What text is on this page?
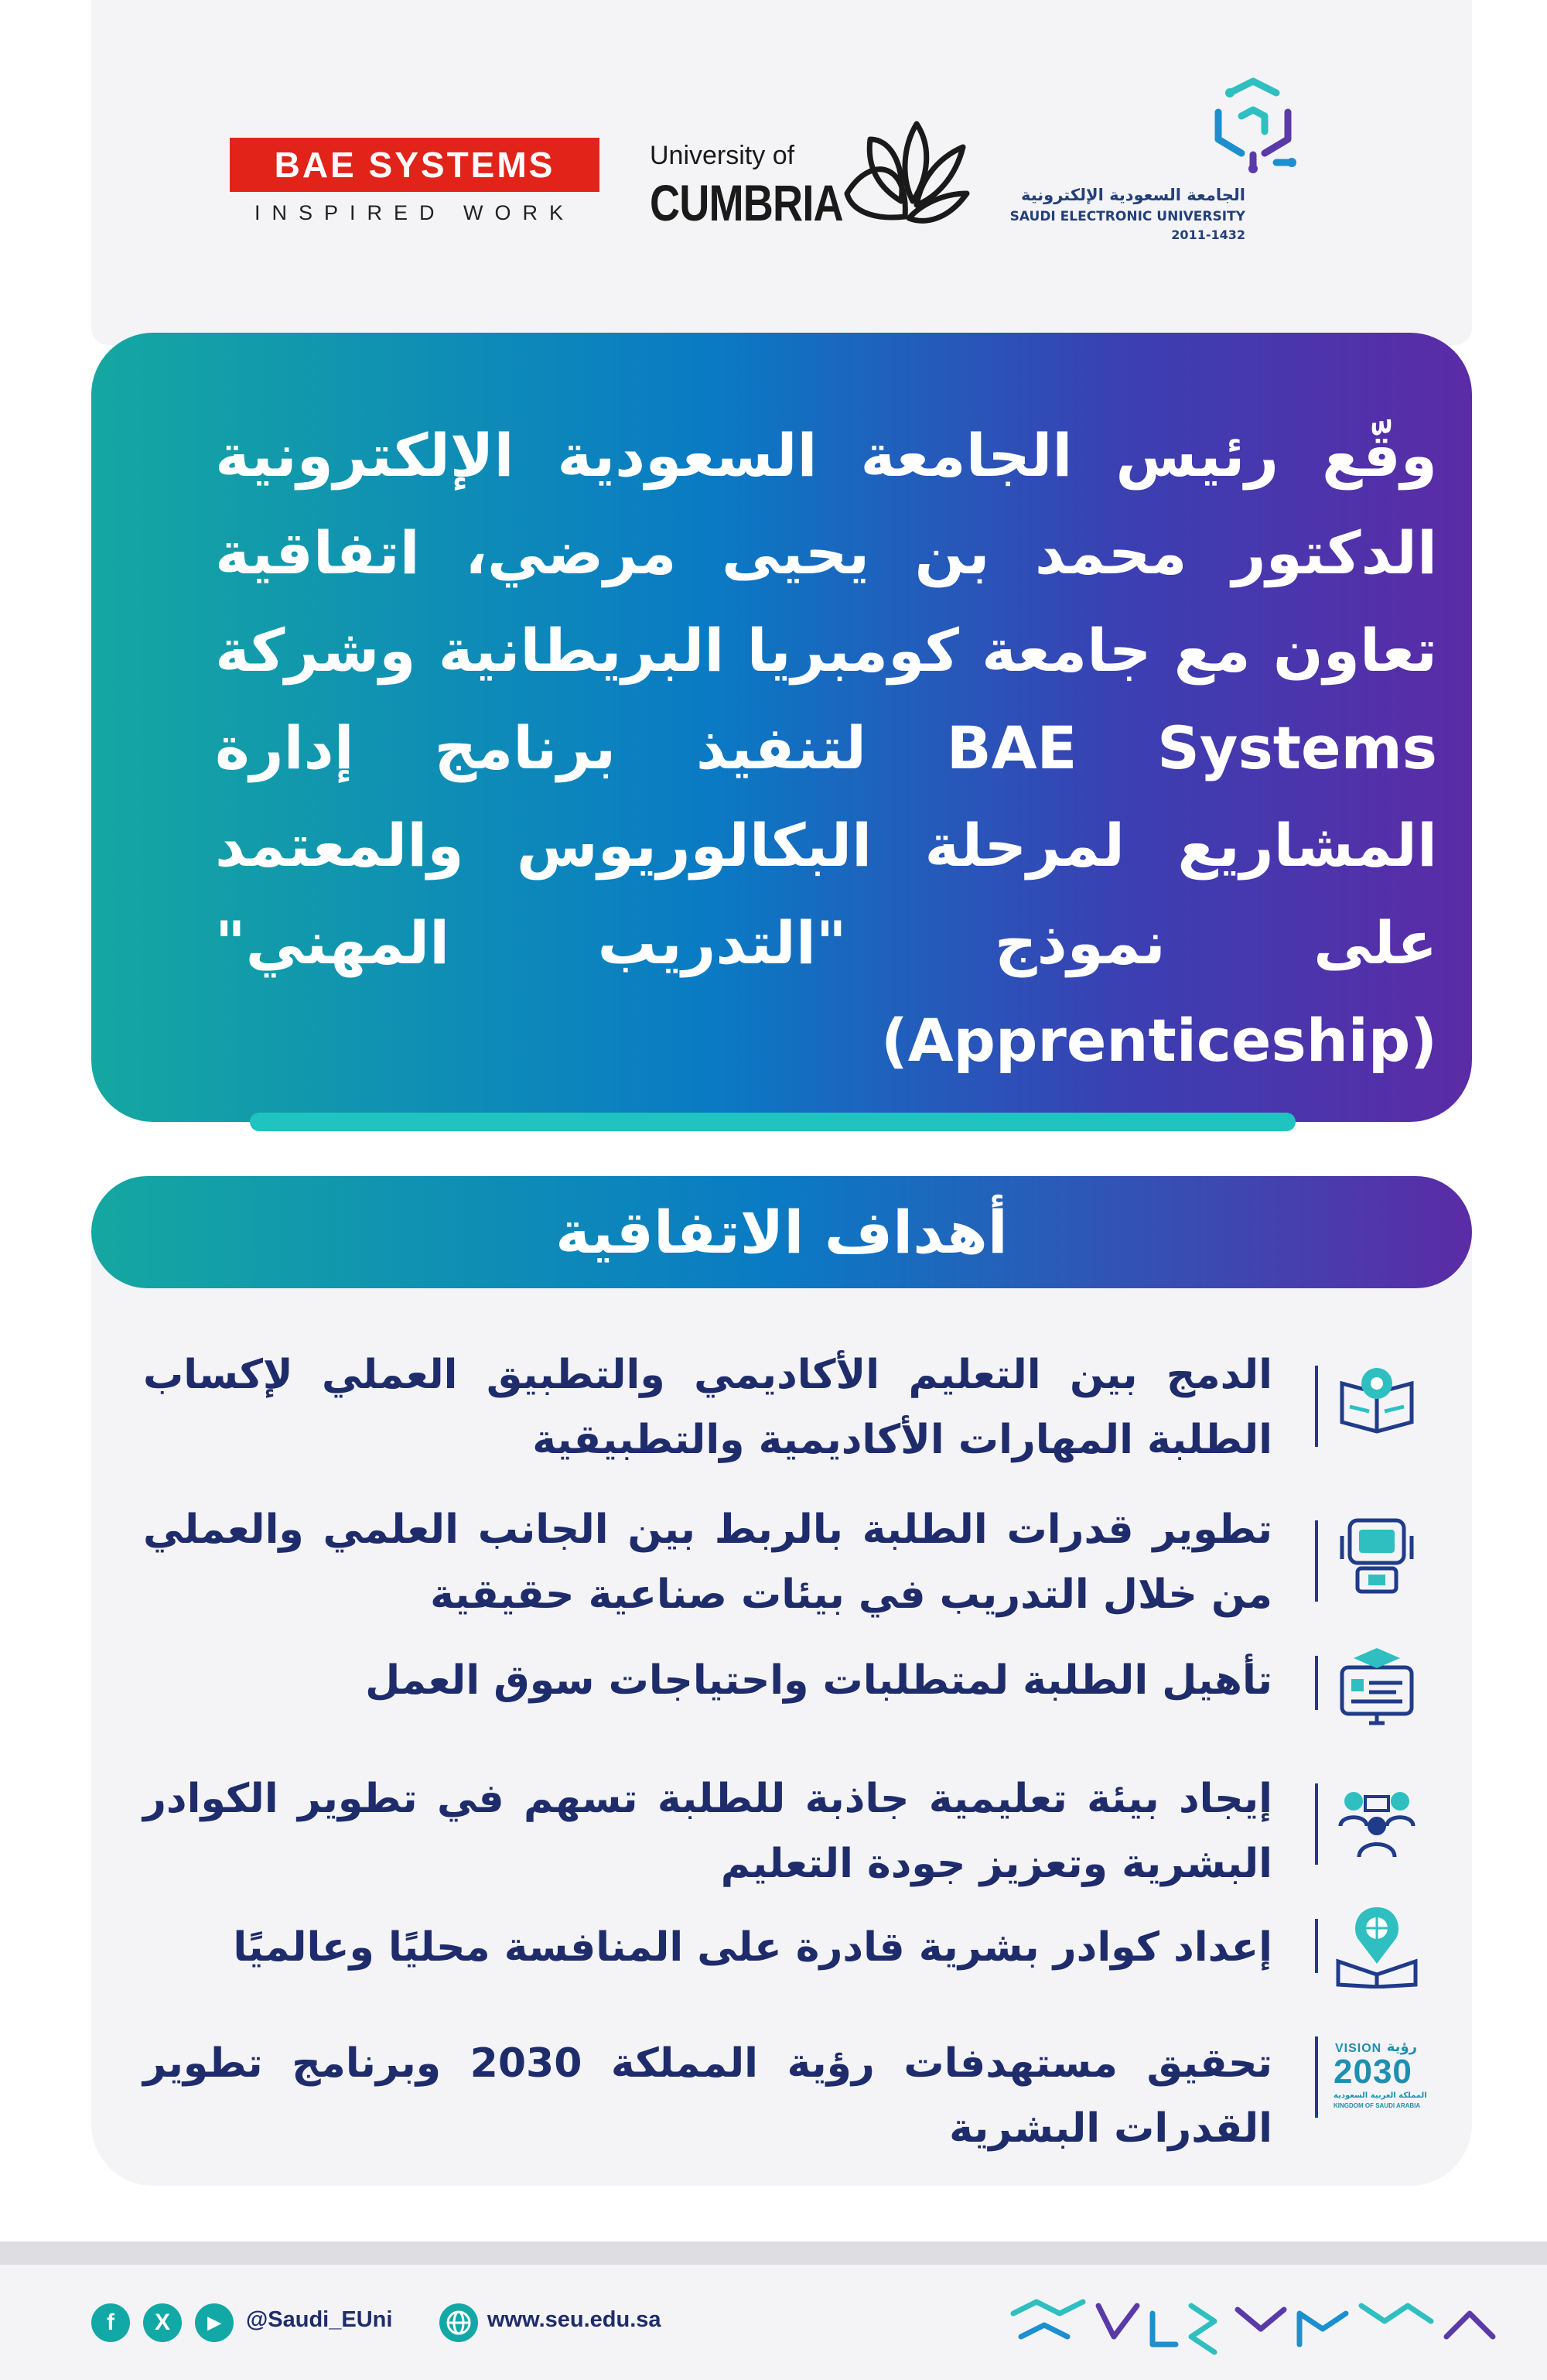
BAE SYSTEMS
INSPIRED WORK
University of
CUMBRIA	الجامعة السعودية الإلكترونية
SAUDI ELECTRONIC UNIVERSITY
2011-1432
وقّع رئيس الجامعة السعودية الإلكترونية الدكتور محمد بن يحيى مرضي، اتفاقية تعاون مع جامعة كومبريا البريطانية وشركة BAE Systems لتنفيذ برنامج إدارة المشاريع لمرحلة البكالوريوس والمعتمد على نموذج "التدريب المهني" (Apprenticeship)
أهداف الاتفاقية
الدمج بين التعليم الأكاديمي والتطبيق العملي لإكساب الطلبة المهارات الأكاديمية والتطبيقية
تطوير قدرات الطلبة بالربط بين الجانب العلمي والعملي من خلال التدريب في بيئات صناعية حقيقية
تأهيل الطلبة لمتطلبات واحتياجات سوق العمل
إيجاد بيئة تعليمية جاذبة للطلبة تسهم في تطوير الكوادر البشرية وتعزيز جودة التعليم
إعداد كوادر بشرية قادرة على المنافسة محليًا وعالميًا
تحقيق مستهدفات رؤية المملكة 2030 وبرنامج تطوير القدرات البشرية
VISION رؤية
2030
المملكة العربية السعودية
KINGDOM OF SAUDI ARABIA
f	X	▶	@Saudi_EUni	www.seu.edu.sa
